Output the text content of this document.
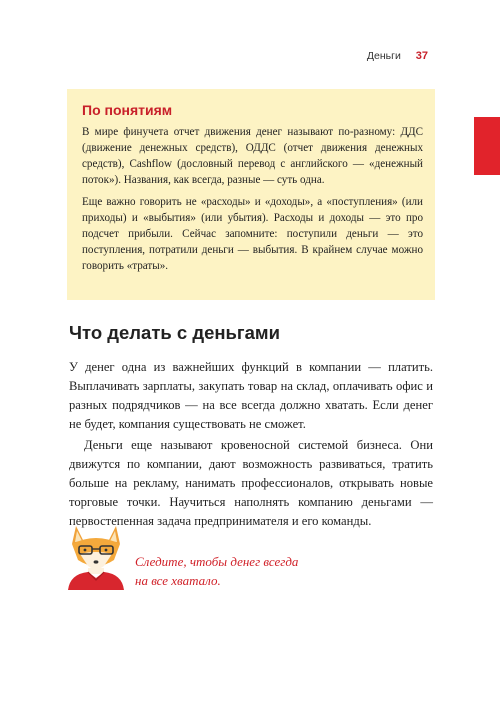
Деньги 37
По понятиям

В мире финучета отчет движения денег называют по-разному: ДДС (движение денежных средств), ОДДС (отчет движения денежных средств), Cashflow (дословный перевод с английского — «денежный поток»). Названия, как всегда, разные — суть одна.

Еще важно говорить не «расходы» и «доходы», а «поступления» (или приходы) и «выбытия» (или убытия). Расходы и доходы — это про подсчет прибыли. Сейчас запомните: поступили деньги — это поступления, потратили деньги — выбытия. В крайнем случае можно говорить «траты».

Что делать с деньгами

У денег одна из важнейших функций в компании — платить. Выплачивать зарплаты, закупать товар на склад, оплачивать офис и разных подрядчиков — на все всегда должно хватать. Если денег не будет, компания существовать не сможет.

Деньги еще называют кровеносной системой бизнеса. Они движутся по компании, дают возможность развиваться, тратить больше на рекламу, нанимать профессионалов, открывать новые торговые точки. Научиться наполнять компанию деньгами — первостепенная задача предпринимателя и его команды.

Следите, чтобы денег всегда
на все хватало.
